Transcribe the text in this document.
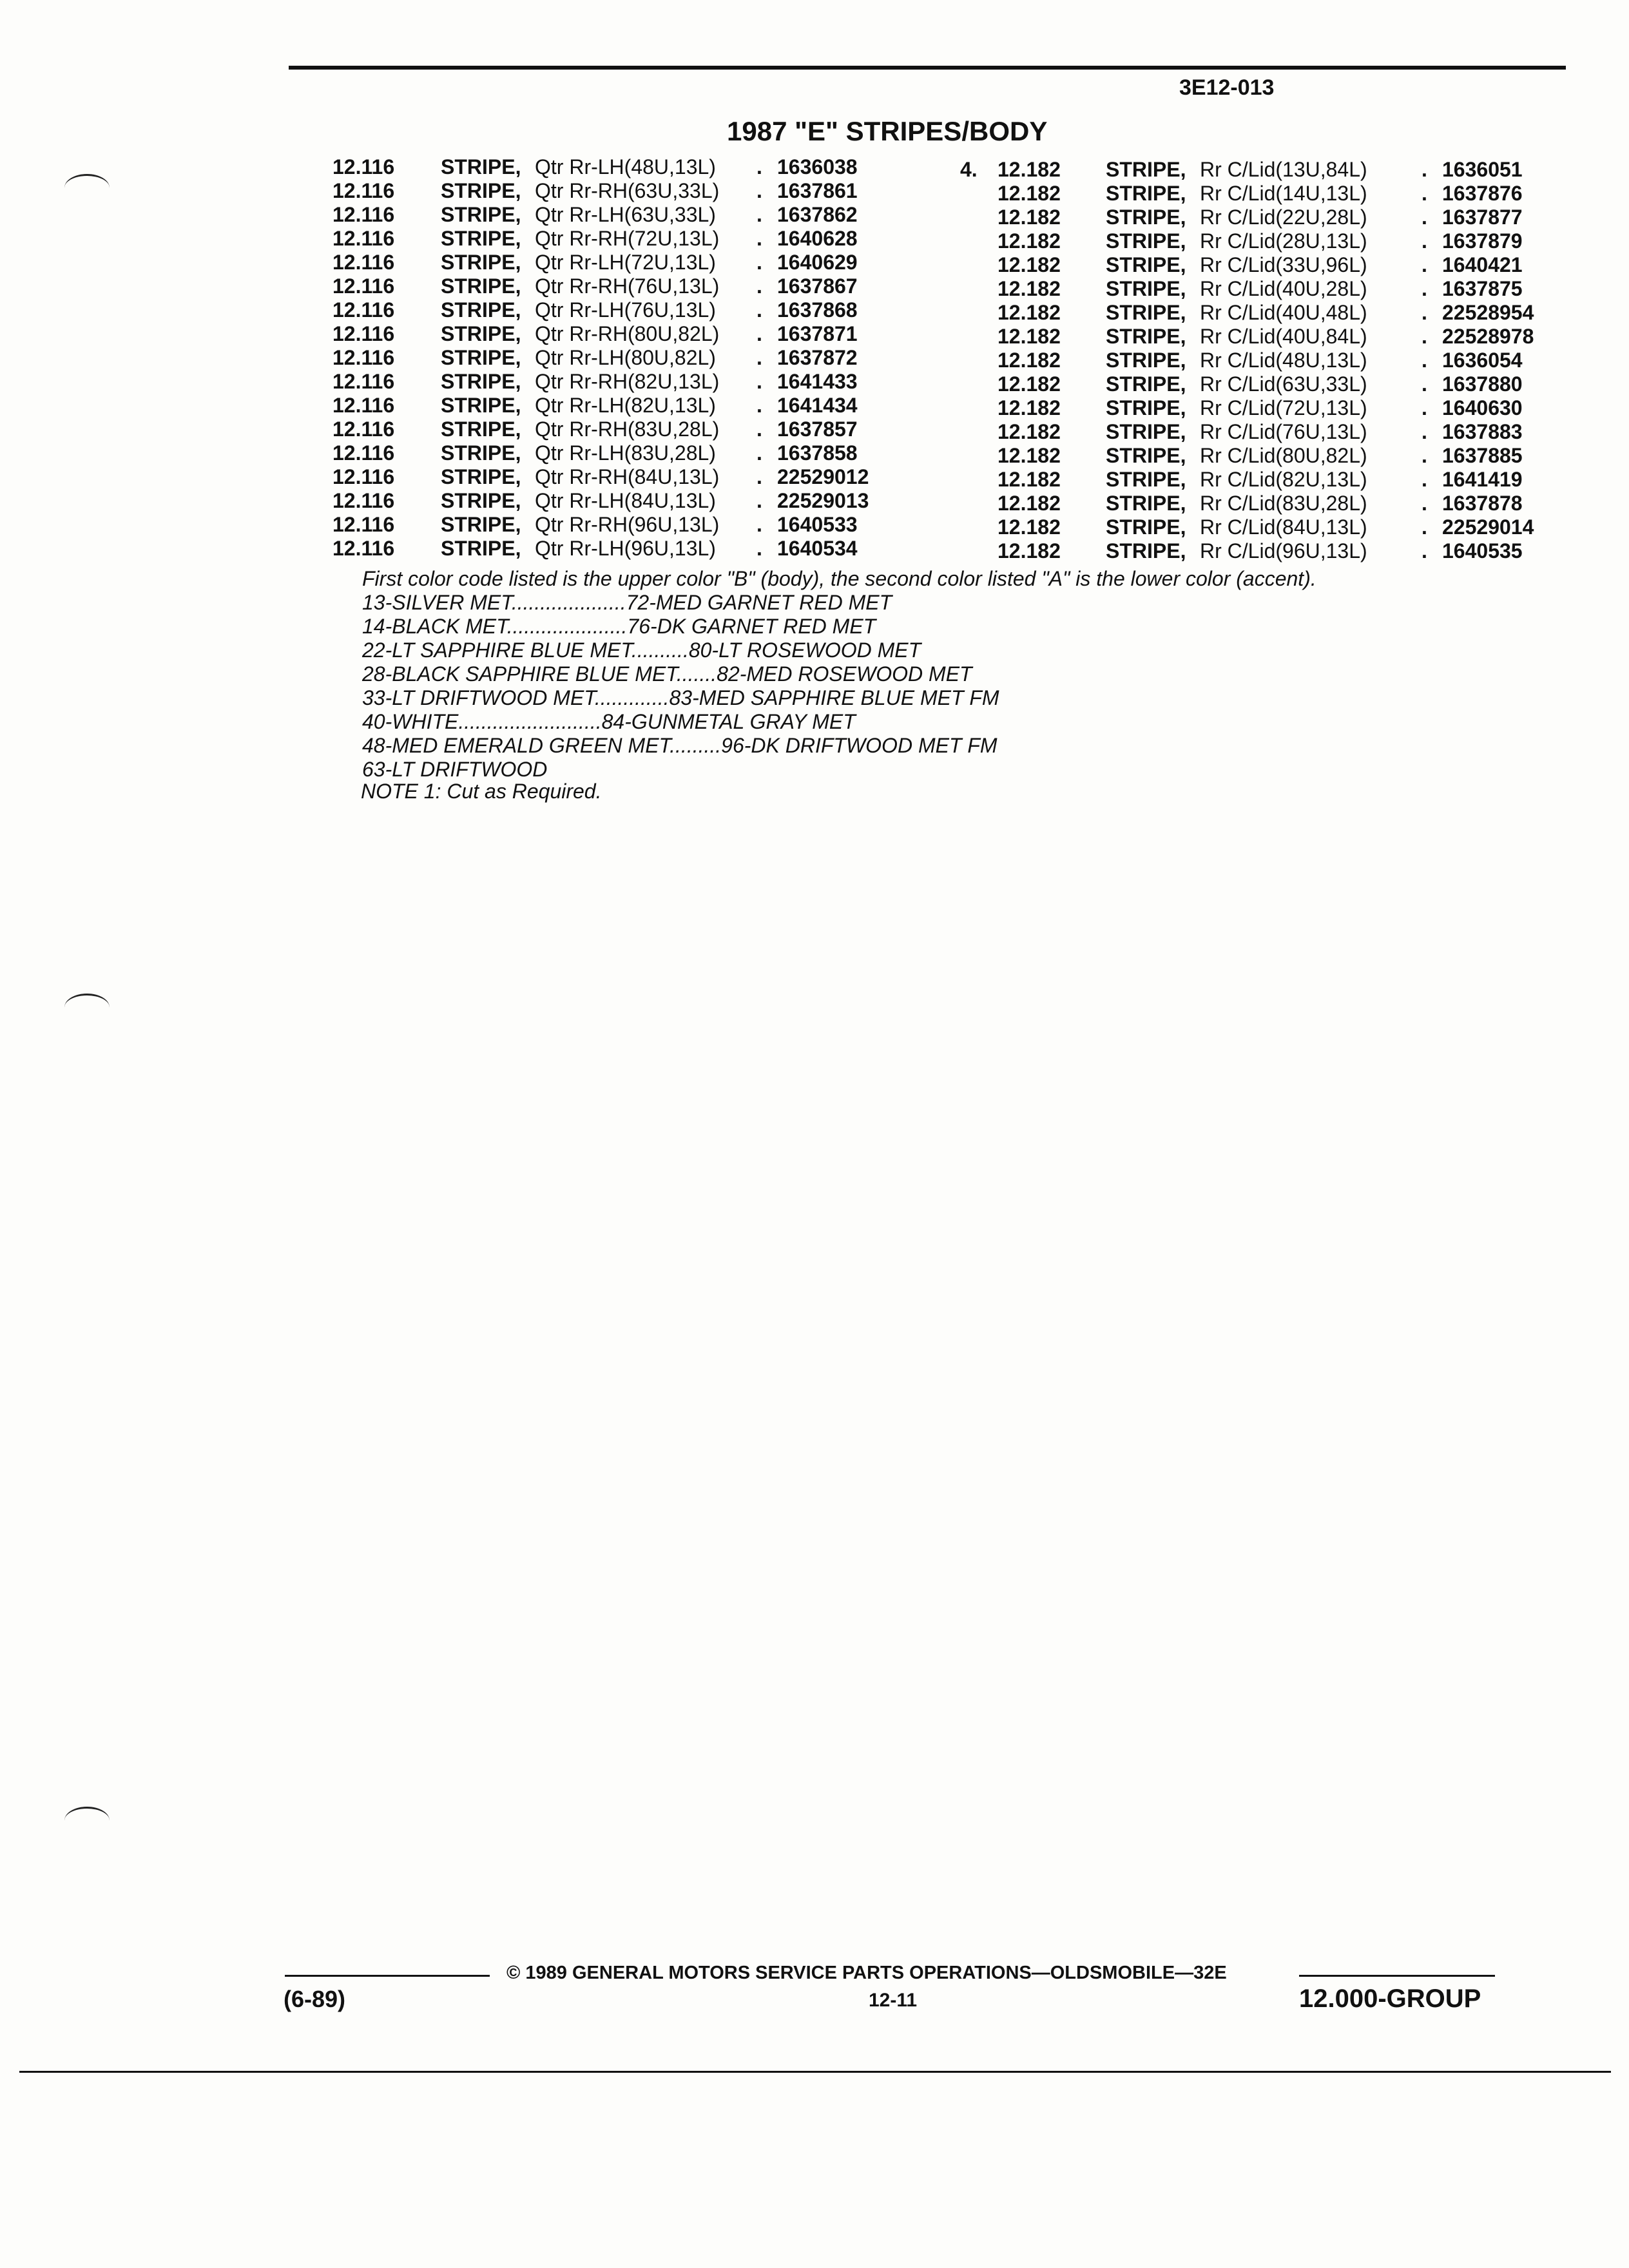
3E12-013
1987 "E" STRIPES/BODY
12.116 STRIPE, Qtr Rr-LH(48U,13L) . 1636038
12.116 STRIPE, Qtr Rr-RH(63U,33L) . 1637861
12.116 STRIPE, Qtr Rr-LH(63U,33L) . 1637862
12.116 STRIPE, Qtr Rr-RH(72U,13L) . 1640628
12.116 STRIPE, Qtr Rr-LH(72U,13L) . 1640629
12.116 STRIPE, Qtr Rr-RH(76U,13L) . 1637867
12.116 STRIPE, Qtr Rr-LH(76U,13L) . 1637868
12.116 STRIPE, Qtr Rr-RH(80U,82L) . 1637871
12.116 STRIPE, Qtr Rr-LH(80U,82L) . 1637872
12.116 STRIPE, Qtr Rr-RH(82U,13L) . 1641433
12.116 STRIPE, Qtr Rr-LH(82U,13L) . 1641434
12.116 STRIPE, Qtr Rr-RH(83U,28L) . 1637857
12.116 STRIPE, Qtr Rr-LH(83U,28L) . 1637858
12.116 STRIPE, Qtr Rr-RH(84U,13L) . 22529012
12.116 STRIPE, Qtr Rr-LH(84U,13L) . 22529013
12.116 STRIPE, Qtr Rr-RH(96U,13L) . 1640533
12.116 STRIPE, Qtr Rr-LH(96U,13L) . 1640534
4. 12.182 STRIPE, Rr C/Lid(13U,84L)	. 1636051
12.182 STRIPE, Rr C/Lid(14U,13L)	. 1637876
12.182 STRIPE, Rr C/Lid(22U,28L)	. 1637877
12.182 STRIPE, Rr C/Lid(28U,13L)	. 1637879
12.182 STRIPE, Rr C/Lid(33U,96L)	. 1640421
12.182 STRIPE, Rr C/Lid(40U,28L)	. 1637875
12.182 STRIPE, Rr C/Lid(40U,48L)	. 22528954
12.182 STRIPE, Rr C/Lid(40U,84L)	. 22528978
12.182 STRIPE, Rr C/Lid(48U,13L)	. 1636054
12.182 STRIPE, Rr C/Lid(63U,33L)	. 1637880
12.182 STRIPE, Rr C/Lid(72U,13L)	. 1640630
12.182 STRIPE, Rr C/Lid(76U,13L)	. 1637883
12.182 STRIPE, Rr C/Lid(80U,82L)	. 1637885
12.182 STRIPE, Rr C/Lid(82U,13L)	. 1641419
12.182 STRIPE, Rr C/Lid(83U,28L)	. 1637878
12.182 STRIPE, Rr C/Lid(84U,13L)	. 22529014
12.182 STRIPE, Rr C/Lid(96U,13L)	. 1640535
First color code listed is the upper color "B" (body), the second color listed "A" is the lower color (accent).
13-SILVER MET....................72-MED GARNET RED MET
14-BLACK MET.....................76-DK GARNET RED MET
22-LT SAPPHIRE BLUE MET..........80-LT ROSEWOOD MET
28-BLACK SAPPHIRE BLUE MET.......82-MED ROSEWOOD MET
33-LT DRIFTWOOD MET.............83-MED SAPPHIRE BLUE MET FM
40-WHITE.........................84-GUNMETAL GRAY MET
48-MED EMERALD GREEN MET.........96-DK DRIFTWOOD MET FM
63-LT DRIFTWOOD
NOTE 1: Cut as Required.
© 1989 GENERAL MOTORS SERVICE PARTS OPERATIONS—OLDSMOBILE—32E
(6-89)	12-11	12.000-GROUP
